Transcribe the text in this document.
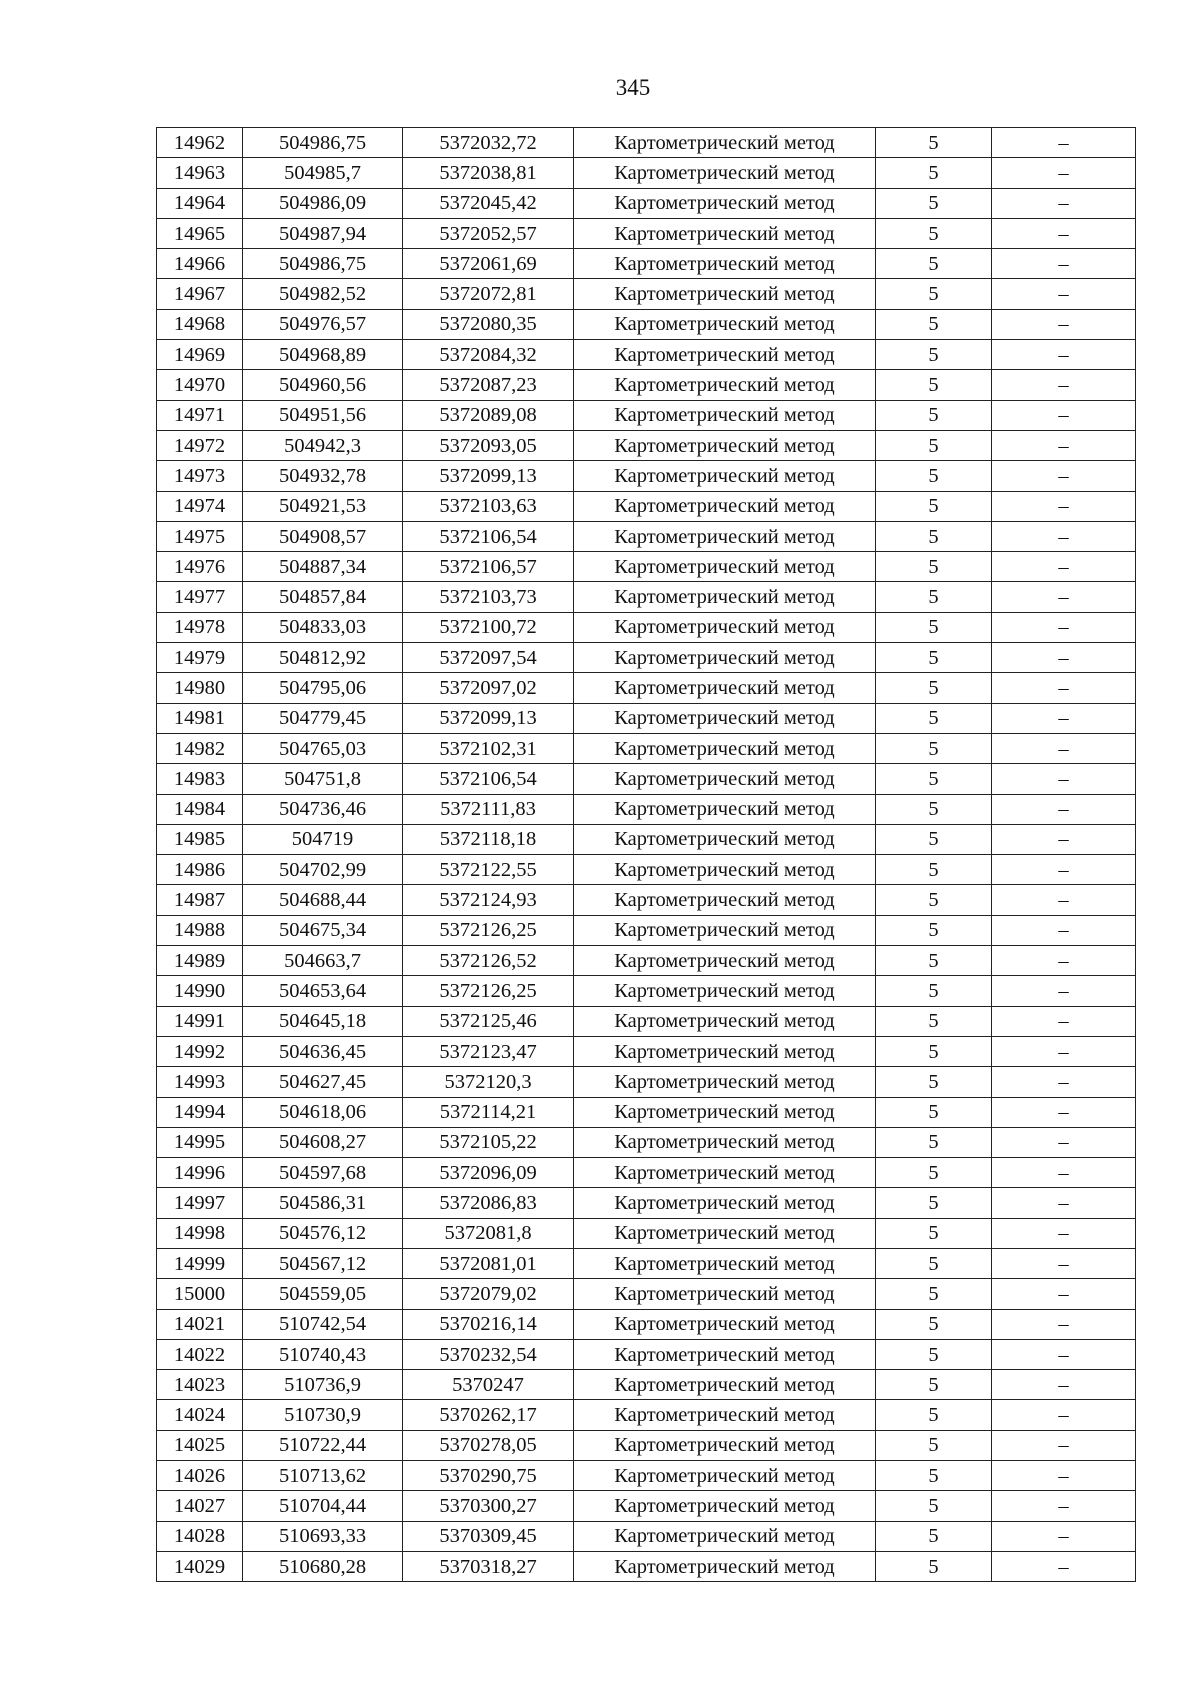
345
14962	504986,75	5372032,72	Картометрический метод	5	–
14963	504985,7	5372038,81	Картометрический метод	5	–
14964	504986,09	5372045,42	Картометрический метод	5	–
14965	504987,94	5372052,57	Картометрический метод	5	–
14966	504986,75	5372061,69	Картометрический метод	5	–
14967	504982,52	5372072,81	Картометрический метод	5	–
14968	504976,57	5372080,35	Картометрический метод	5	–
14969	504968,89	5372084,32	Картометрический метод	5	–
14970	504960,56	5372087,23	Картометрический метод	5	–
14971	504951,56	5372089,08	Картометрический метод	5	–
14972	504942,3	5372093,05	Картометрический метод	5	–
14973	504932,78	5372099,13	Картометрический метод	5	–
14974	504921,53	5372103,63	Картометрический метод	5	–
14975	504908,57	5372106,54	Картометрический метод	5	–
14976	504887,34	5372106,57	Картометрический метод	5	–
14977	504857,84	5372103,73	Картометрический метод	5	–
14978	504833,03	5372100,72	Картометрический метод	5	–
14979	504812,92	5372097,54	Картометрический метод	5	–
14980	504795,06	5372097,02	Картометрический метод	5	–
14981	504779,45	5372099,13	Картометрический метод	5	–
14982	504765,03	5372102,31	Картометрический метод	5	–
14983	504751,8	5372106,54	Картометрический метод	5	–
14984	504736,46	5372111,83	Картометрический метод	5	–
14985	504719	5372118,18	Картометрический метод	5	–
14986	504702,99	5372122,55	Картометрический метод	5	–
14987	504688,44	5372124,93	Картометрический метод	5	–
14988	504675,34	5372126,25	Картометрический метод	5	–
14989	504663,7	5372126,52	Картометрический метод	5	–
14990	504653,64	5372126,25	Картометрический метод	5	–
14991	504645,18	5372125,46	Картометрический метод	5	–
14992	504636,45	5372123,47	Картометрический метод	5	–
14993	504627,45	5372120,3	Картометрический метод	5	–
14994	504618,06	5372114,21	Картометрический метод	5	–
14995	504608,27	5372105,22	Картометрический метод	5	–
14996	504597,68	5372096,09	Картометрический метод	5	–
14997	504586,31	5372086,83	Картометрический метод	5	–
14998	504576,12	5372081,8	Картометрический метод	5	–
14999	504567,12	5372081,01	Картометрический метод	5	–
15000	504559,05	5372079,02	Картометрический метод	5	–
14021	510742,54	5370216,14	Картометрический метод	5	–
14022	510740,43	5370232,54	Картометрический метод	5	–
14023	510736,9	5370247	Картометрический метод	5	–
14024	510730,9	5370262,17	Картометрический метод	5	–
14025	510722,44	5370278,05	Картометрический метод	5	–
14026	510713,62	5370290,75	Картометрический метод	5	–
14027	510704,44	5370300,27	Картометрический метод	5	–
14028	510693,33	5370309,45	Картометрический метод	5	–
14029	510680,28	5370318,27	Картометрический метод	5	–
